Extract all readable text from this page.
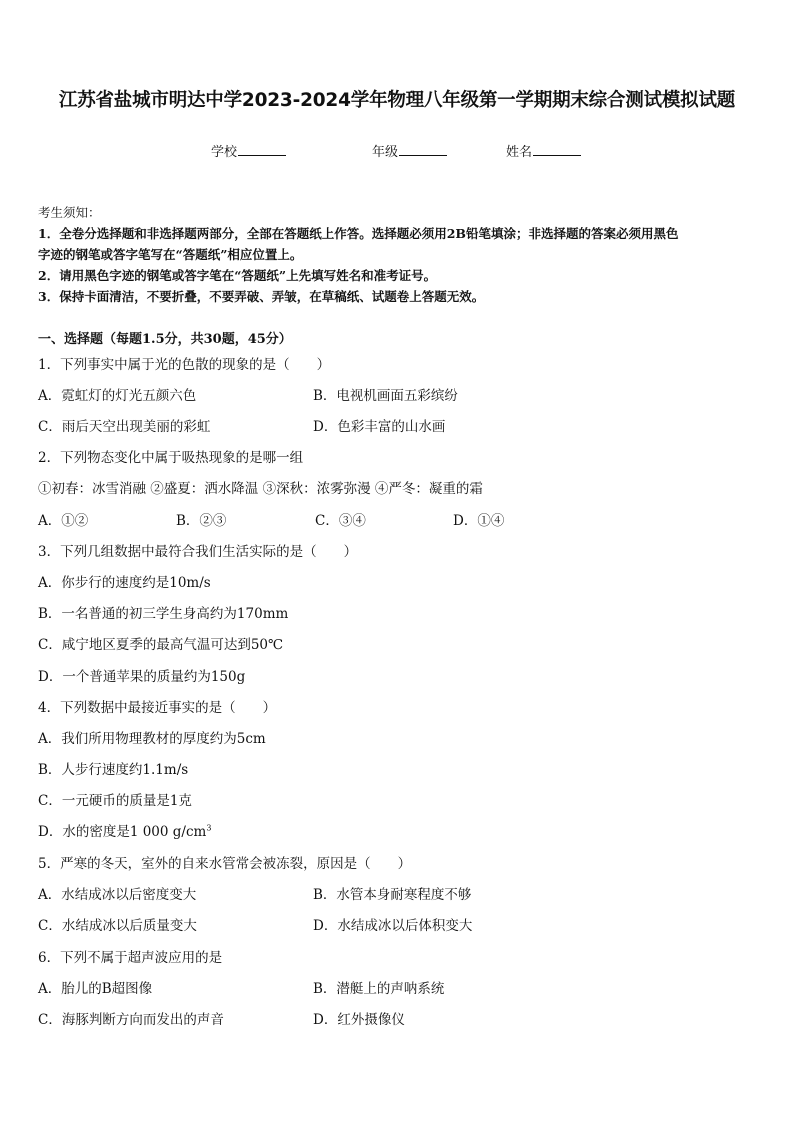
江苏省盐城市明达中学2023-2024学年物理八年级第一学期期末综合测试模拟试题
学校	年级	姓名
考生须知：
1．全卷分选择题和非选择题两部分，全部在答题纸上作答。选择题必须用2B铅笔填涂；非选择题的答案必须用黑色
字迹的钢笔或答字笔写在“答题纸”相应位置上。
2．请用黑色字迹的钢笔或答字笔在“答题纸”上先填写姓名和准考证号。
3．保持卡面清洁，不要折叠，不要弄破、弄皱，在草稿纸、试题卷上答题无效。
一、选择题（每题1.5分，共30题，45分）
1．下列事实中属于光的色散的现象的是（　　）
A．霓虹灯的灯光五颜六色	B．电视机画面五彩缤纷
C．雨后天空出现美丽的彩虹	D．色彩丰富的山水画
2．下列物态变化中属于吸热现象的是哪一组
①初春：冰雪消融 ②盛夏：洒水降温 ③深秋：浓雾弥漫 ④严冬：凝重的霜
A．①②	B．②③	C．③④	D．①④
3．下列几组数据中最符合我们生活实际的是（　　）
A．你步行的速度约是10m/s
B．一名普通的初三学生身高约为170mm
C．咸宁地区夏季的最高气温可达到50℃
D．一个普通苹果的质量约为150g
4．下列数据中最接近事实的是（　　）
A．我们所用物理教材的厚度约为5cm
B．人步行速度约1.1m/s
C．一元硬币的质量是1克
D．水的密度是1 000 $g/cm^3$
5．严寒的冬天，室外的自来水管常会被冻裂，原因是（　　）
A．水结成冰以后密度变大	B．水管本身耐寒程度不够
C．水结成冰以后质量变大	D．水结成冰以后体积变大
6．下列不属于超声波应用的是
A．胎儿的B超图像	B．潜艇上的声呐系统
C．海豚判断方向而发出的声音	D．红外摄像仪
